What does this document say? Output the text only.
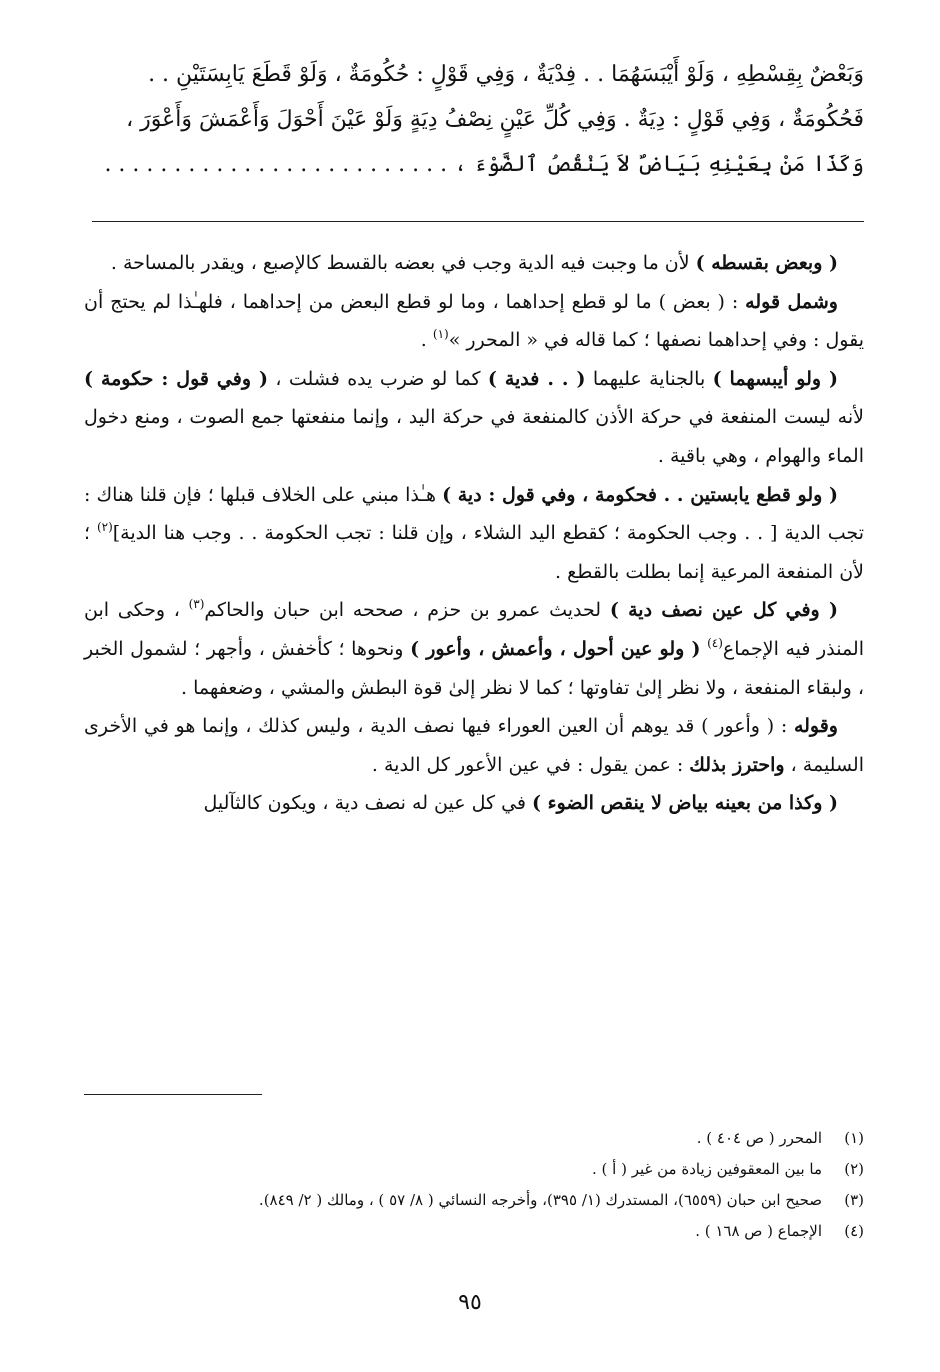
وَبَعْضٌ بِقِسْطِهِ ، وَلَوْ أَيْبَسَهُمَا . . فِدْيَةٌ ، وَفِي قَوْلٍ : حُكُومَةٌ ، وَلَوْ قَطَعَ يَابِسَتَيْنِ . .

فَحُكُومَةٌ ، وَفِي قَوْلٍ : دِيَةٌ . وَفِي كُلِّ عَيْنٍ نِصْفُ دِيَةٍ وَلَوْ عَيْنَ أَحْوَلَ وَأَعْمَشَ وَأَعْوَرَ ،

وَكَذَا مَنْ بِعَيْنِهِ بَيَاضٌ لاَ يَنْقُصُ ٱلضَّوْءَ ، . . . . . . . . . . . . . . . . . . . . . . . . .

( وبعض بقسطه ) لأن ما وجبت فيه الدية وجب في بعضه بالقسط كالإصبع ، ويقدر بالمساحة .

وشمل قوله : ( بعض ) ما لو قطع إحداهما ، وما لو قطع البعض من إحداهما ، فلهـٰذا لم يحتج أن يقول : وفي إحداهما نصفها ؛ كما قاله في « المحرر »$^{(١)}$ .

( ولو أيبسهما ) بالجناية عليهما ( . . فدية ) كما لو ضرب يده فشلت ، ( وفي قول : حكومة ) لأنه ليست المنفعة في حركة الأذن كالمنفعة في حركة اليد ، وإنما منفعتها جمع الصوت ، ومنع دخول الماء والهوام ، وهي باقية .

( ولو قطع يابستين . . فحكومة ، وفي قول : دية ) هـٰذا مبني على الخلاف قبلها ؛ فإن قلنا هناك : تجب الدية [ . . وجب الحكومة ؛ كقطع اليد الشلاء ، وإن قلنا : تجب الحكومة . . وجب هنا الدية]$^{(٢)}$ ؛ لأن المنفعة المرعية إنما بطلت بالقطع .

( وفي كل عين نصف دية ) لحديث عمرو بن حزم ، صححه ابن حبان والحاكم$^{(٣)}$ ، وحكى ابن المنذر فيه الإجماع$^{(٤)}$ ( ولو عين أحول ، وأعمش ، وأعور ) ونحوها ؛ كأخفش ، وأجهر ؛ لشمول الخبر ، ولبقاء المنفعة ، ولا نظر إلىٰ تفاوتها ؛ كما لا نظر إلىٰ قوة البطش والمشي ، وضعفهما .

وقوله : ( وأعور ) قد يوهم أن العين العوراء فيها نصف الدية ، وليس كذلك ، وإنما هو في الأخرى السليمة ، واحترز بذلك : عمن يقول : في عين الأعور كل الدية .

( وكذا من بعينه بياض لا ينقص الضوء ) في كل عين له نصف دية ، ويكون كالثآليل

(١)المحرر ( ص ٤٠٤ ) .
(٢)ما بين المعقوفين زيادة من غير ( أ ) .
(٣)صحيح ابن حبان (٦٥٥٩)، المستدرك (١/ ٣٩٥)، وأخرجه النسائي ( ٨/ ٥٧ ) ، ومالك ( ٢/ ٨٤٩).
(٤)الإجماع ( ص ١٦٨ ) .
٩٥
